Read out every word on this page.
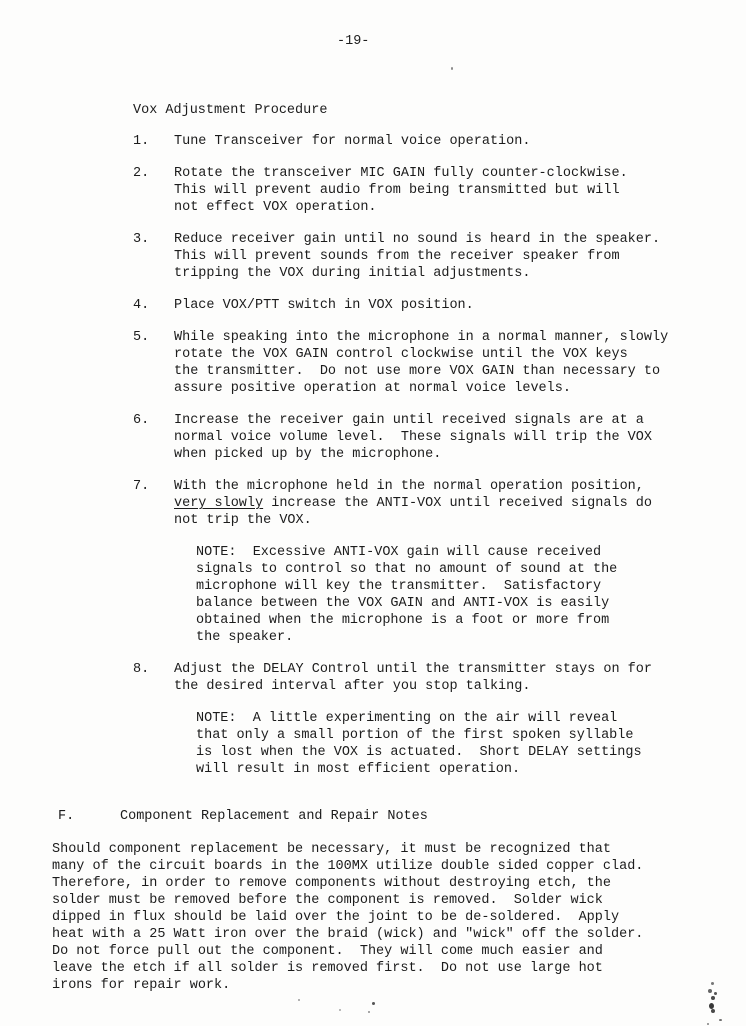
-19-
Vox Adjustment Procedure
1.	Tune Transceiver for normal voice operation.
2.	Rotate the transceiver MIC GAIN fully counter-clockwise.
This will prevent audio from being transmitted but will
not effect VOX operation.
3.	Reduce receiver gain until no sound is heard in the speaker.
This will prevent sounds from the receiver speaker from
tripping the VOX during initial adjustments.
4.	Place VOX/PTT switch in VOX position.
5.	While speaking into the microphone in a normal manner, slowly
rotate the VOX GAIN control clockwise until the VOX keys
the transmitter.  Do not use more VOX GAIN than necessary to
assure positive operation at normal voice levels.
6.	Increase the receiver gain until received signals are at a
normal voice volume level.  These signals will trip the VOX
when picked up by the microphone.
7.	With the microphone held in the normal operation position,
very slowly increase the ANTI-VOX until received signals do
not trip the VOX.
NOTE:  Excessive ANTI-VOX gain will cause received
signals to control so that no amount of sound at the
microphone will key the transmitter.  Satisfactory
balance between the VOX GAIN and ANTI-VOX is easily
obtained when the microphone is a foot or more from
the speaker.
8.	Adjust the DELAY Control until the transmitter stays on for
the desired interval after you stop talking.
NOTE:  A little experimenting on the air will reveal
that only a small portion of the first spoken syllable
is lost when the VOX is actuated.  Short DELAY settings
will result in most efficient operation.
F.	Component Replacement and Repair Notes
Should component replacement be necessary, it must be recognized that
many of the circuit boards in the 100MX utilize double sided copper clad.
Therefore, in order to remove components without destroying etch, the
solder must be removed before the component is removed.  Solder wick
dipped in flux should be laid over the joint to be de-soldered.  Apply
heat with a 25 Watt iron over the braid (wick) and "wick" off the solder.
Do not force pull out the component.  They will come much easier and
leave the etch if all solder is removed first.  Do not use large hot
irons for repair work.
